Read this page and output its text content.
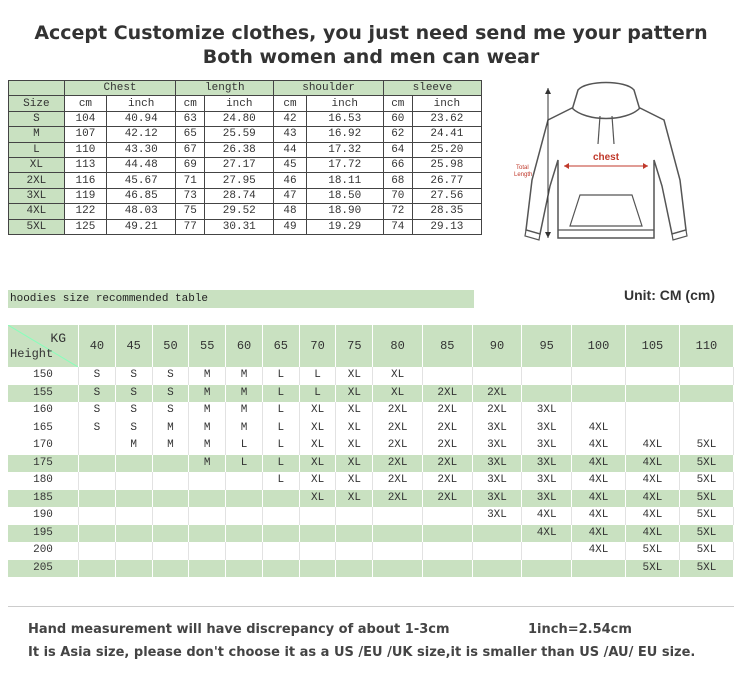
Accept Customize clothes, you just need send me your pattern
Both women and men can wear
	Chest		length		shoulder		sleeve	
Size	cm	inch	cm	inch	cm	inch	cm	inch
S	104	40.94	63	24.80	42	16.53	60	23.62
M	107	42.12	65	25.59	43	16.92	62	24.41
L	110	43.30	67	26.38	44	17.32	64	25.20
XL	113	44.48	69	27.17	45	17.72	66	25.98
2XL	116	45.67	71	27.95	46	18.11	68	26.77
3XL	119	46.85	73	28.74	47	18.50	70	27.56
4XL	122	48.03	75	29.52	48	18.90	72	28.35
5XL	125	49.21	77	30.31	49	19.29	74	29.13
chest
Total
Length
hoodies size recommended table	Unit: CM (cm)
KG
Height	40	45	50	55	60	65	70	75	80	85	90	95	100	105	110
150	S	S	S	M	M	L	L	XL	XL						
155	S	S	S	M	M	L	L	XL	XL	2XL	2XL				
160	S	S	S	M	M	L	XL	XL	2XL	2XL	2XL	3XL			
165	S	S	M	M	M	L	XL	XL	2XL	2XL	3XL	3XL	4XL		
170		M	M	M	L	L	XL	XL	2XL	2XL	3XL	3XL	4XL	4XL	5XL
175				M	L	L	XL	XL	2XL	2XL	3XL	3XL	4XL	4XL	5XL
180						L	XL	XL	2XL	2XL	3XL	3XL	4XL	4XL	5XL
185							XL	XL	2XL	2XL	3XL	3XL	4XL	4XL	5XL
190											3XL	4XL	4XL	4XL	5XL
195												4XL	4XL	4XL	5XL
200													4XL	5XL	5XL
205														5XL	5XL
Hand measurement will have discrepancy of about 1-3cm	1inch=2.54cm
It is Asia size, please don't choose it as a US /EU /UK size,it is smaller than US /AU/ EU size.
